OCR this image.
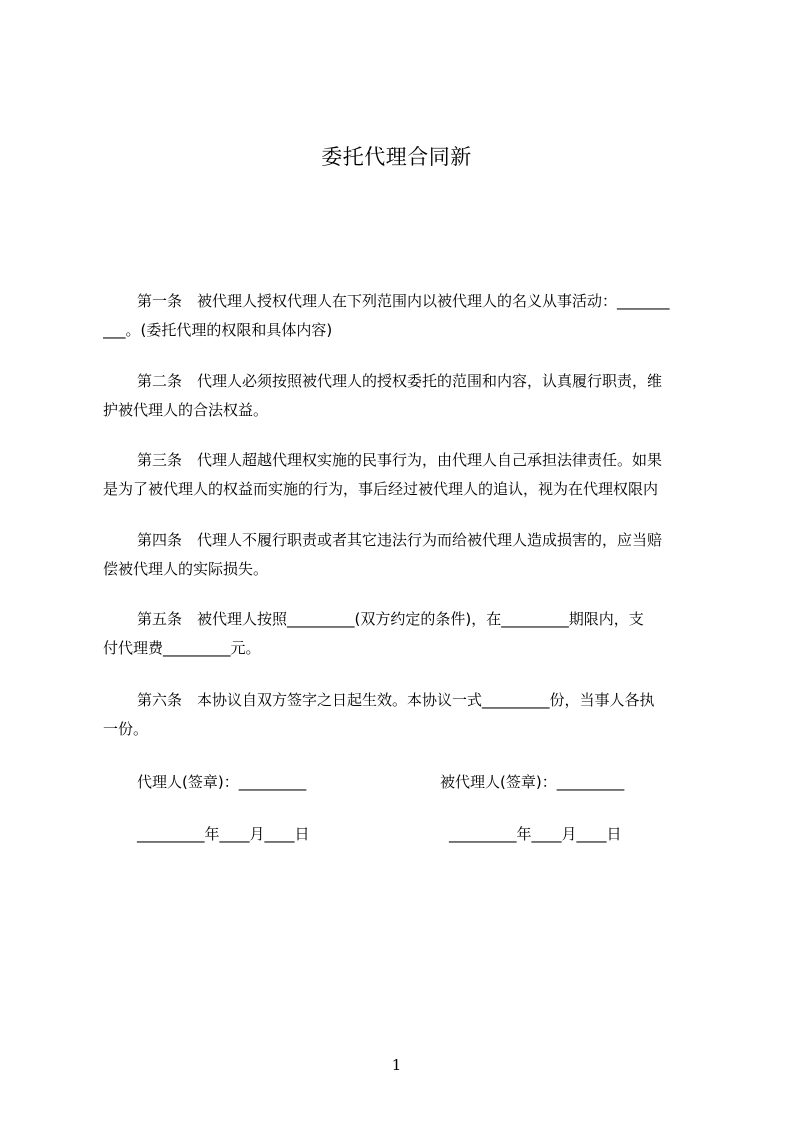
委托代理合同新
第一条 被代理人授权代理人在下列范围内以被代理人的名义从事活动：_______
___。(委托代理的权限和具体内容)
第二条 代理人必须按照被代理人的授权委托的范围和内容，认真履行职责，维
护被代理人的合法权益。
第三条 代理人超越代理权实施的民事行为，由代理人自己承担法律责任。如果
是为了被代理人的权益而实施的行为，事后经过被代理人的追认，视为在代理权限内
第四条 代理人不履行职责或者其它违法行为而给被代理人造成损害的，应当赔
偿被代理人的实际损失。
第五条 被代理人按照_________(双方约定的条件)，在_________期限内，支
付代理费_________元。
第六条 本协议自双方签字之日起生效。本协议一式_________份，当事人各执
一份。
代理人(签章)：_________	被代理人(签章)：_________
_________年____月____日	_________年____月____日
1
